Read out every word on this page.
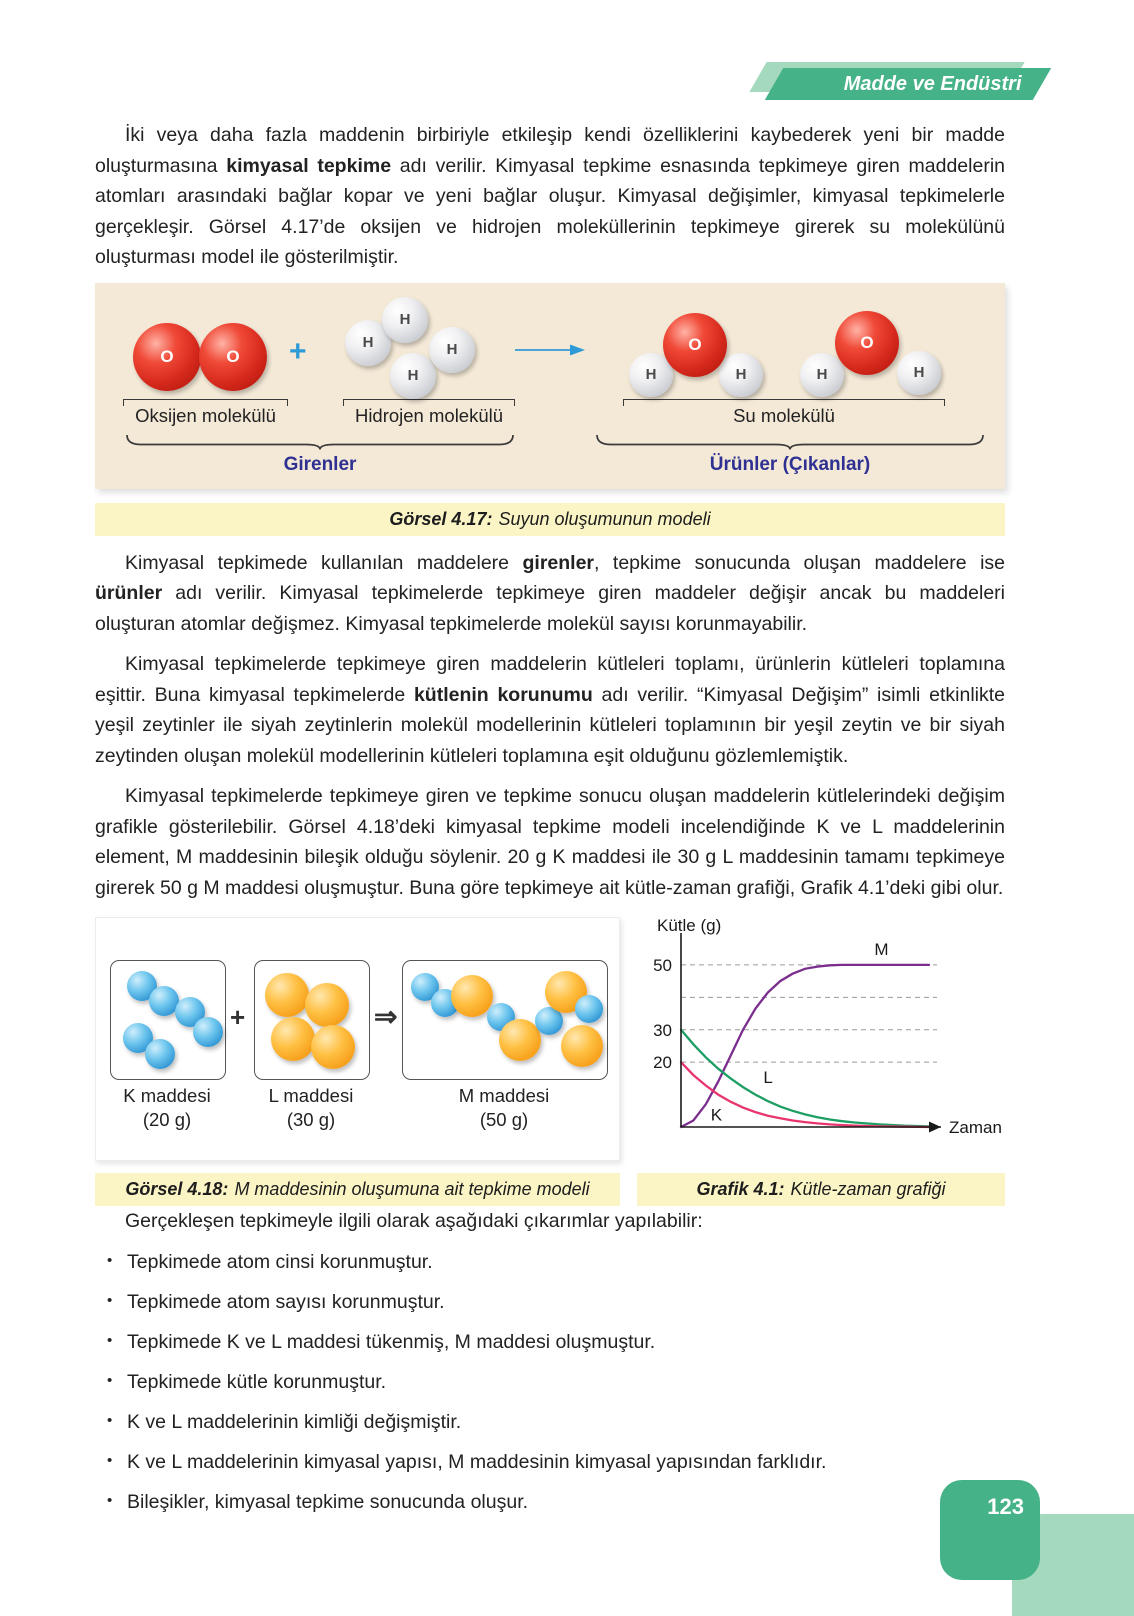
Madde ve Endüstri

İki veya daha fazla maddenin birbiriyle etkileşip kendi özelliklerini kaybederek yeni bir madde oluşturmasına kimyasal tepkime adı verilir. Kimyasal tepkime esnasında tepkimeye giren maddelerin atomları arasındaki bağlar kopar ve yeni bağlar oluşur. Kimyasal değişimler, kimyasal tepkimelerle gerçekleşir. Görsel 4.17’de oksijen ve hidrojen moleküllerinin tepkimeye girerek su molekülünü oluşturması model ile gösterilmiştir.

O	O +	H
H
H
H
H	H
O
H	H
O
Oksijen molekülü	Hidrojen molekülü	Su molekülü
Girenler	Ürünler (Çıkanlar)
Görsel 4.17: Suyun oluşumunun modeli

Kimyasal tepkimede kullanılan maddelere girenler, tepkime sonucunda oluşan maddelere ise ürünler adı verilir. Kimyasal tepkimelerde tepkimeye giren maddeler değişir ancak bu maddeleri oluşturan atomlar değişmez. Kimyasal tepkimelerde molekül sayısı korunmayabilir.

Kimyasal tepkimelerde tepkimeye giren maddelerin kütleleri toplamı, ürünlerin kütleleri toplamına eşittir. Buna kimyasal tepkimelerde kütlenin korunumu adı verilir. “Kimyasal Değişim” isimli etkinlikte yeşil zeytinler ile siyah zeytinlerin molekül modellerinin kütleleri toplamının bir yeşil zeytin ve bir siyah zeytinden oluşan molekül modellerinin kütleleri toplamına eşit olduğunu gözlemlemiştik.

Kimyasal tepkimelerde tepkimeye giren ve tepkime sonucu oluşan maddelerin kütlelerindeki değişim grafikle gösterilebilir. Görsel 4.18’deki kimyasal tepkime modeli incelendiğinde K ve L maddelerinin element, M maddesinin bileşik olduğu söylenir. 20 g K maddesi ile 30 g L maddesinin tamamı tepkimeye girerek 50 g M maddesi oluşmuştur. Buna göre tepkimeye ait kütle-zaman grafiği, Grafik 4.1’deki gibi olur.

+	⇒
K maddesi
(20 g)
L maddesi
(30 g)
M maddesi
(50 g)
M
L
K
50
30
20
Kütle (g)
Zaman
Görsel 4.18: M maddesinin oluşumuna ait tepkime modeli	Grafik 4.1: Kütle-zaman grafiği

Gerçekleşen tepkimeyle ilgili olarak aşağıdaki çıkarımlar yapılabilir:

• Tepkimede atom cinsi korunmuştur.
• Tepkimede atom sayısı korunmuştur.
• Tepkimede K ve L maddesi tükenmiş, M maddesi oluşmuştur.
• Tepkimede kütle korunmuştur.
• K ve L maddelerinin kimliği değişmiştir.
• K ve L maddelerinin kimyasal yapısı, M maddesinin kimyasal yapısından farklıdır.
• Bileşikler, kimyasal tepkime sonucunda oluşur.	123
